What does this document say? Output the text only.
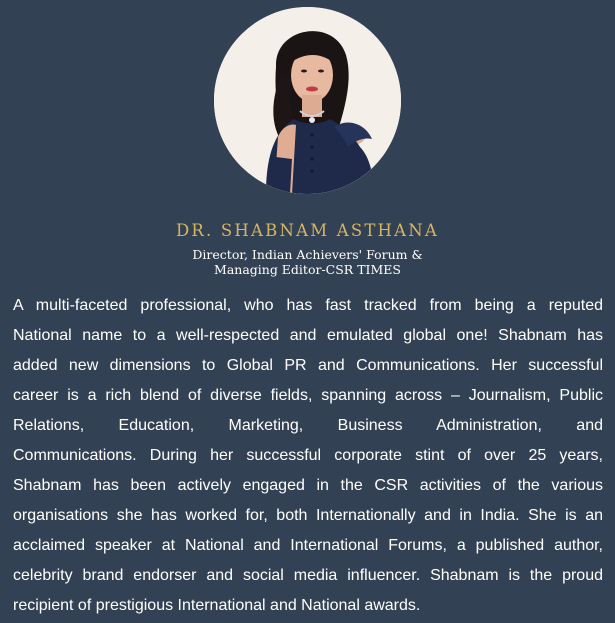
DR. SHABNAM ASTHANA
Director, Indian Achievers' Forum &
Managing Editor-CSR TIMES
A multi-faceted professional, who has fast tracked from being a reputed
National name to a well-respected and emulated global one! Shabnam has
added new dimensions to Global PR and Communications. Her successful
career is a rich blend of diverse fields, spanning across – Journalism, Public
Relations, Education, Marketing, Business Administration, and
Communications. During her successful corporate stint of over 25 years,
Shabnam has been actively engaged in the CSR activities of the various
organisations she has worked for, both Internationally and in India. She is an
acclaimed speaker at National and International Forums, a published author,
celebrity brand endorser and social media influencer. Shabnam is the proud
recipient of prestigious International and National awards.
